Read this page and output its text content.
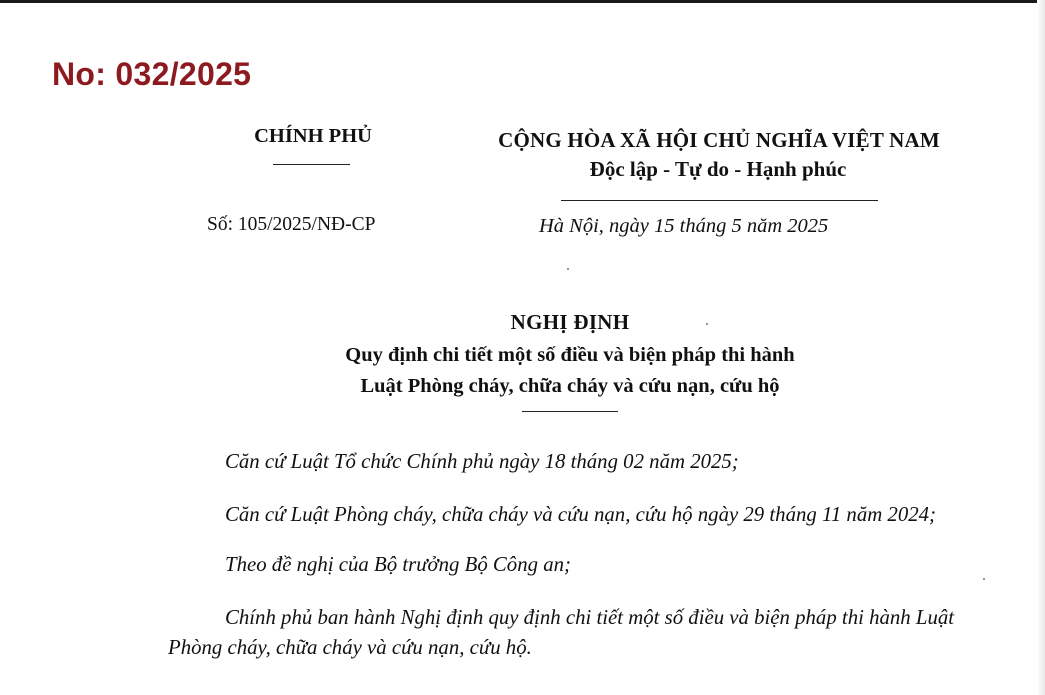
No: 032/2025
CHÍNH PHỦ	CỘNG HÒA XÃ HỘI CHỦ NGHĨA VIỆT NAM
Độc lập - Tự do - Hạnh phúc
Số: 105/2025/NĐ-CP	Hà Nội, ngày 15 tháng 5 năm 2025
NGHỊ ĐỊNH
Quy định chi tiết một số điều và biện pháp thi hành
Luật Phòng cháy, chữa cháy và cứu nạn, cứu hộ

Căn cứ Luật Tổ chức Chính phủ ngày 18 tháng 02 năm 2025;

Căn cứ Luật Phòng cháy, chữa cháy và cứu nạn, cứu hộ ngày 29 tháng 11 năm 2024;

Theo đề nghị của Bộ trưởng Bộ Công an;

Chính phủ ban hành Nghị định quy định chi tiết một số điều và biện pháp thi hành Luật Phòng cháy, chữa cháy và cứu nạn, cứu hộ.
